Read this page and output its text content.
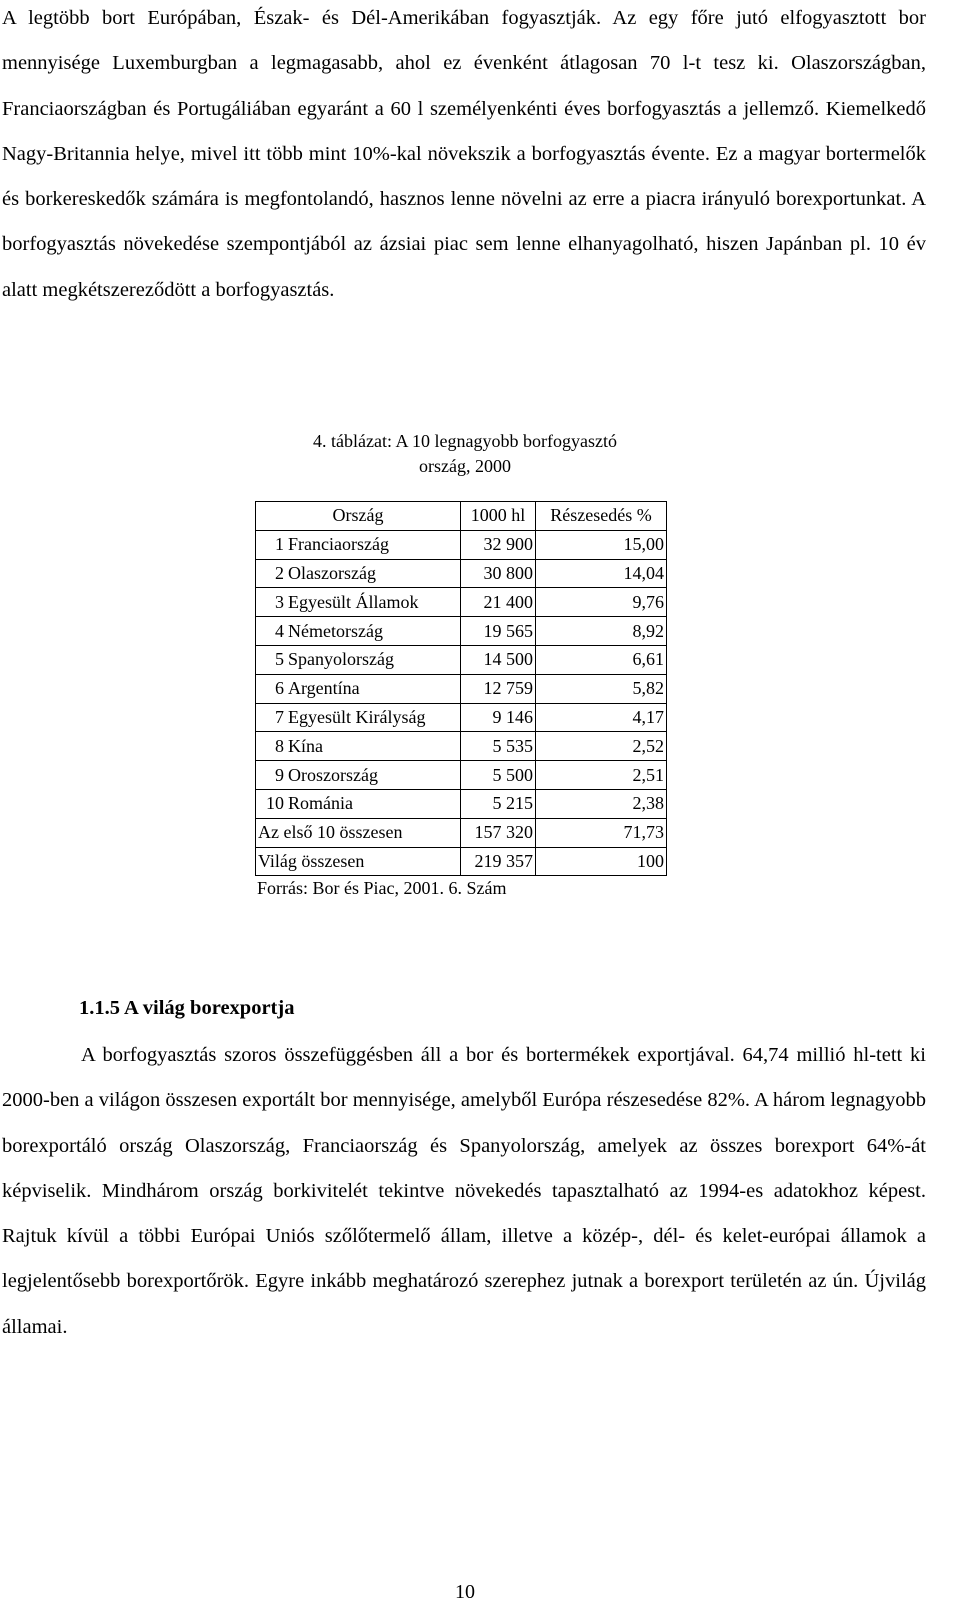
A legtöbb bort Európában, Észak- és Dél-Amerikában fogyasztják. Az egy főre jutó elfogyasztott bor mennyisége Luxemburgban a legmagasabb, ahol ez évenként átlagosan 70 l-t tesz ki. Olaszországban, Franciaországban és Portugáliában egyaránt a 60 l személyenkénti éves borfogyasztás a jellemző. Kiemelkedő Nagy-Britannia helye, mivel itt több mint 10%-kal növekszik a borfogyasztás évente. Ez a magyar bortermelők és borkereskedők számára is megfontolandó, hasznos lenne növelni az erre a piacra irányuló borexportunkat. A borfogyasztás növekedése szempontjából az ázsiai piac sem lenne elhanyagolható, hiszen Japánban pl. 10 év alatt megkétszereződött a borfogyasztás.

4. táblázat: A 10 legnagyobb borfogyasztó
ország, 2000
Ország		1000 hl	Részesedés %
1	Franciaország	32 900	15,00
2	Olaszország	30 800	14,04
3	Egyesült Államok	21 400	9,76
4	Németország	19 565	8,92
5	Spanyolország	14 500	6,61
6	Argentína	12 759	5,82
7	Egyesült Királyság	9 146	4,17
8	Kína	5 535	2,52
9	Oroszország	5 500	2,51
10	Románia	5 215	2,38
Az első 10 összesen		157 320	71,73
Világ összesen		219 357	100
Forrás: Bor és Piac, 2001. 6. Szám
1.1.5 A világ borexportja

A borfogyasztás szoros összefüggésben áll a bor és bortermékek exportjával. 64,74 millió hl-tett ki 2000-ben a világon összesen exportált bor mennyisége, amelyből Európa részesedése 82%. A három legnagyobb borexportáló ország Olaszország, Franciaország és Spanyolország, amelyek az összes borexport 64%-át képviselik. Mindhárom ország borkivitelét tekintve növekedés tapasztalható az 1994-es adatokhoz képest. Rajtuk kívül a többi Európai Uniós szőlőtermelő állam, illetve a közép-, dél- és kelet-európai államok a legjelentősebb borexportőrök. Egyre inkább meghatározó szerephez jutnak a borexport területén az ún. Újvilág államai.

10
